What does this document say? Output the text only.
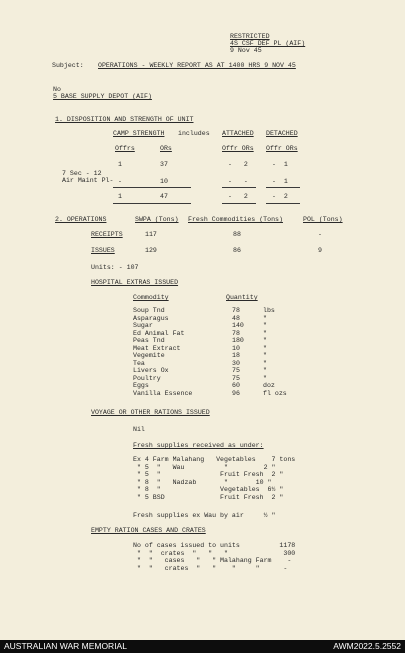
RESTRICTED
4S CSF DEF PL (AIF)
9 Nov 45
Subject: OPERATIONS - WEEKLY REPORT AS AT 1400 HRS 9 NOV 45
No
5 BASE SUPPLY DEPOT (AIF)
1. DISPOSITION AND STRENGTH OF UNIT
CAMP STRENGTH includes ATTACHED DETACHED
Offrs	ORs	Offr ORs Offr ORs
1	37	-   2	-  1
7 Sec - 12
Air Maint Pl- -	10	-   -	-  1
1	47	-   2	-  2
2. OPERATIONS	SWPA (Tons) Fresh Commodities (Tons)	POL (Tons)
RECEIPTS	117	88	-
ISSUES	129	86	9
Units: - 107
HOSPITAL EXTRAS ISSUED
Commodity	Quantity
Soup Tnd	78	lbs
Asparagus	48	"
Sugar	140	"
Ed Animal Fat	78	"
Peas Tnd	180	"
Meat Extract	10	"
Vegemite	18	"
Tea	30	"
Livers Ox	75	"
Poultry	75	"
Eggs	60	doz
Vanilla Essence	96	fl ozs
VOYAGE OR OTHER RATIONS ISSUED
Nil
Fresh supplies received as under:
Ex 4 Farm Malahang   Vegetables    7 tons
" 5  "   Wau          "         2 "
" 5  "               Fruit Fresh  2 "
" 8  "   Nadzab       "       10 "
" 8  "               Vegetables  6½ "
" 5 BSD              Fruit Fresh  2 "
Fresh supplies ex Wau by air     ½ "
EMPTY RATION CASES AND CRATES
No of cases issued to units          1178
"  "  crates  "   "   "              300
"  "   cases   "   " Malahang Farm    -
"  "   crates  "   "    "     "      -
AUSTRALIAN WAR MEMORIAL	AWM2022.5.2552
